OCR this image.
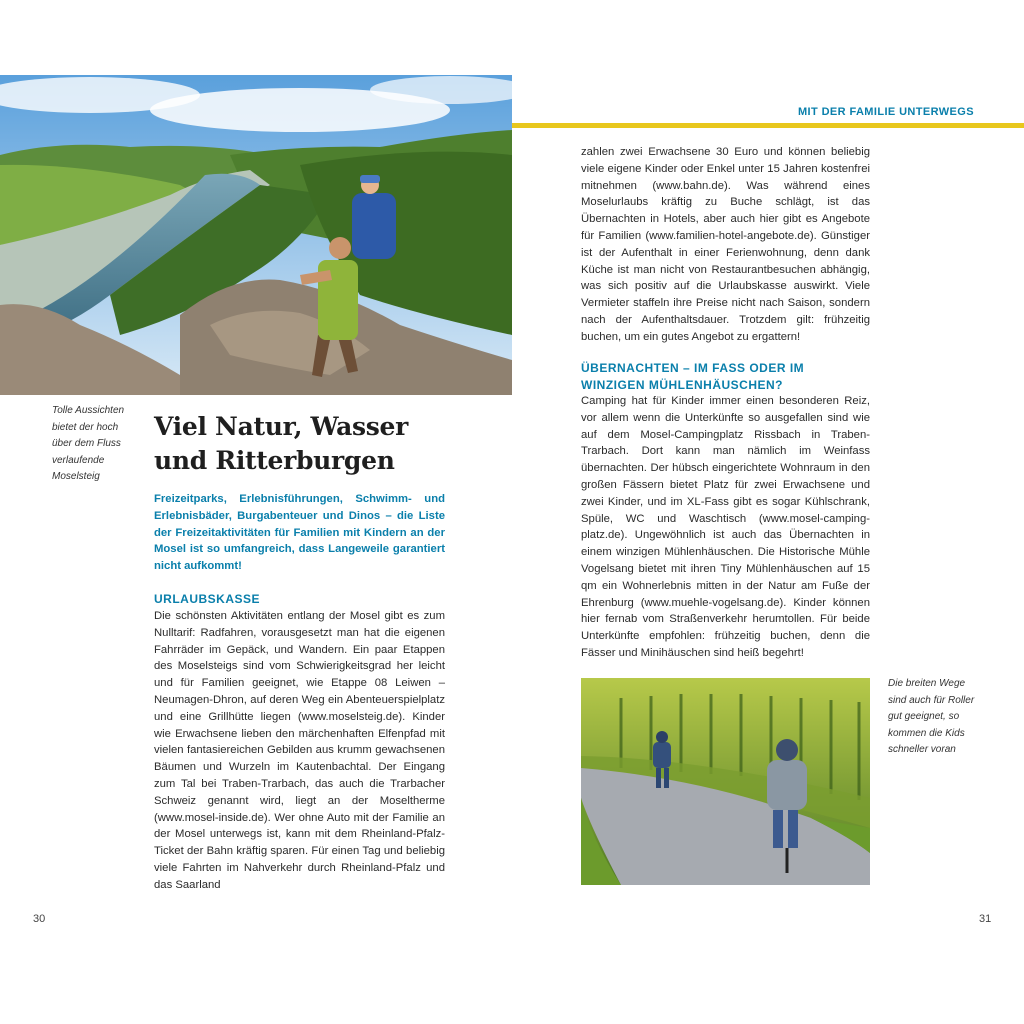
Tolle Aussichten bietet der hoch über dem Fluss verlaufende Moselsteig
Die breiten Wege sind auch für Roller gut geeignet, so kommen die Kids schneller voran
MIT DER FAMILIE UNTERWEGS
Viel Natur, Wasser und Ritterburgen
Freizeitparks, Erlebnisführungen, Schwimm- und Erlebnisbäder, Burgabenteuer und Dinos – die Liste der Freizeitaktivitäten für Familien mit Kindern an der Mosel ist so umfangreich, dass Langeweile garantiert nicht aufkommt!
URLAUBSKASSE
Die schönsten Aktivitäten entlang der Mosel gibt es zum Nulltarif: Radfahren, vorausgesetzt man hat die eigenen Fahrräder im Gepäck, und Wandern. Ein paar Etappen des Moselsteigs sind vom Schwierigkeitsgrad her leicht und für Familien geeignet, wie Etappe 08 Leiwen – Neumagen-Dhron, auf deren Weg ein Abenteuerspielplatz und eine Grillhütte liegen (www.moselsteig.de). Kinder wie Erwachsene lieben den märchenhaften Elfenpfad mit vielen fantasiereichen Gebilden aus krumm gewachsenen Bäumen und Wurzeln im Kautenbachtal. Der Eingang zum Tal bei Traben-Trarbach, das auch die Trarbacher Schweiz genannt wird, liegt an der Moseltherme (www.mosel-inside.de). Wer ohne Auto mit der Familie an der Mosel unterwegs ist, kann mit dem Rheinland-Pfalz-Ticket der Bahn kräftig sparen. Für einen Tag und beliebig viele Fahrten im Nahverkehr durch Rheinland-Pfalz und das Saarland
zahlen zwei Erwachsene 30 Euro und können beliebig viele eigene Kinder oder Enkel unter 15 Jahren kostenfrei mitnehmen (www.bahn.de). Was während eines Moselurlaubs kräftig zu Buche schlägt, ist das Übernachten in Hotels, aber auch hier gibt es Angebote für Familien (www.familien-hotel-angebote.de). Günstiger ist der Aufenthalt in einer Ferienwohnung, denn dank Küche ist man nicht von Restaurantbesuchen abhängig, was sich positiv auf die Urlaubskasse auswirkt. Viele Vermieter staffeln ihre Preise nicht nach Saison, sondern nach der Aufenthaltsdauer. Trotzdem gilt: frühzeitig buchen, um ein gutes Angebot zu ergattern!
ÜBERNACHTEN – IM FASS ODER IM WINZIGEN MÜHLENHÄUSCHEN?
Camping hat für Kinder immer einen besonderen Reiz, vor allem wenn die Unterkünfte so ausgefallen sind wie auf dem Mosel-Campingplatz Rissbach in Traben-Trarbach. Dort kann man nämlich im Weinfass übernachten. Der hübsch eingerichtete Wohnraum in den großen Fässern bietet Platz für zwei Erwachsene und zwei Kinder, und im XL-Fass gibt es sogar Kühlschrank, Spüle, WC und Waschtisch (www.mosel-camping-platz.de). Ungewöhnlich ist auch das Übernachten in einem winzigen Mühlenhäuschen. Die Historische Mühle Vogelsang bietet mit ihren Tiny Mühlenhäuschen auf 15 qm ein Wohnerlebnis mitten in der Natur am Fuße der Ehrenburg (www.muehle-vogelsang.de). Kinder können hier fernab vom Straßenverkehr herumtollen. Für beide Unterkünfte empfohlen: frühzeitig buchen, denn die Fässer und Minihäuschen sind heiß begehrt!
30	31
